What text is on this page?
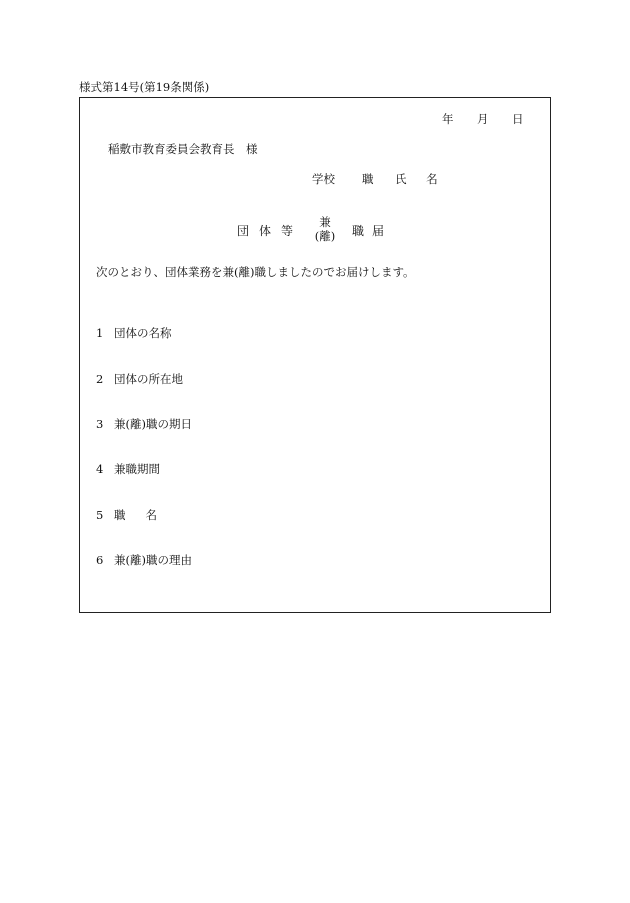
様式第14号(第19条関係)
年 月 日
稲敷市教育委員会教育長　様
学校 職 氏 名
団体等
兼
(離) 職届
次のとおり、団体業務を兼(離)職しましたのでお届けします。
1 団体の名称
2 団体の所在地
3 兼(離)職の期日
4 兼職期間
5 職名
6 兼(離)職の理由
